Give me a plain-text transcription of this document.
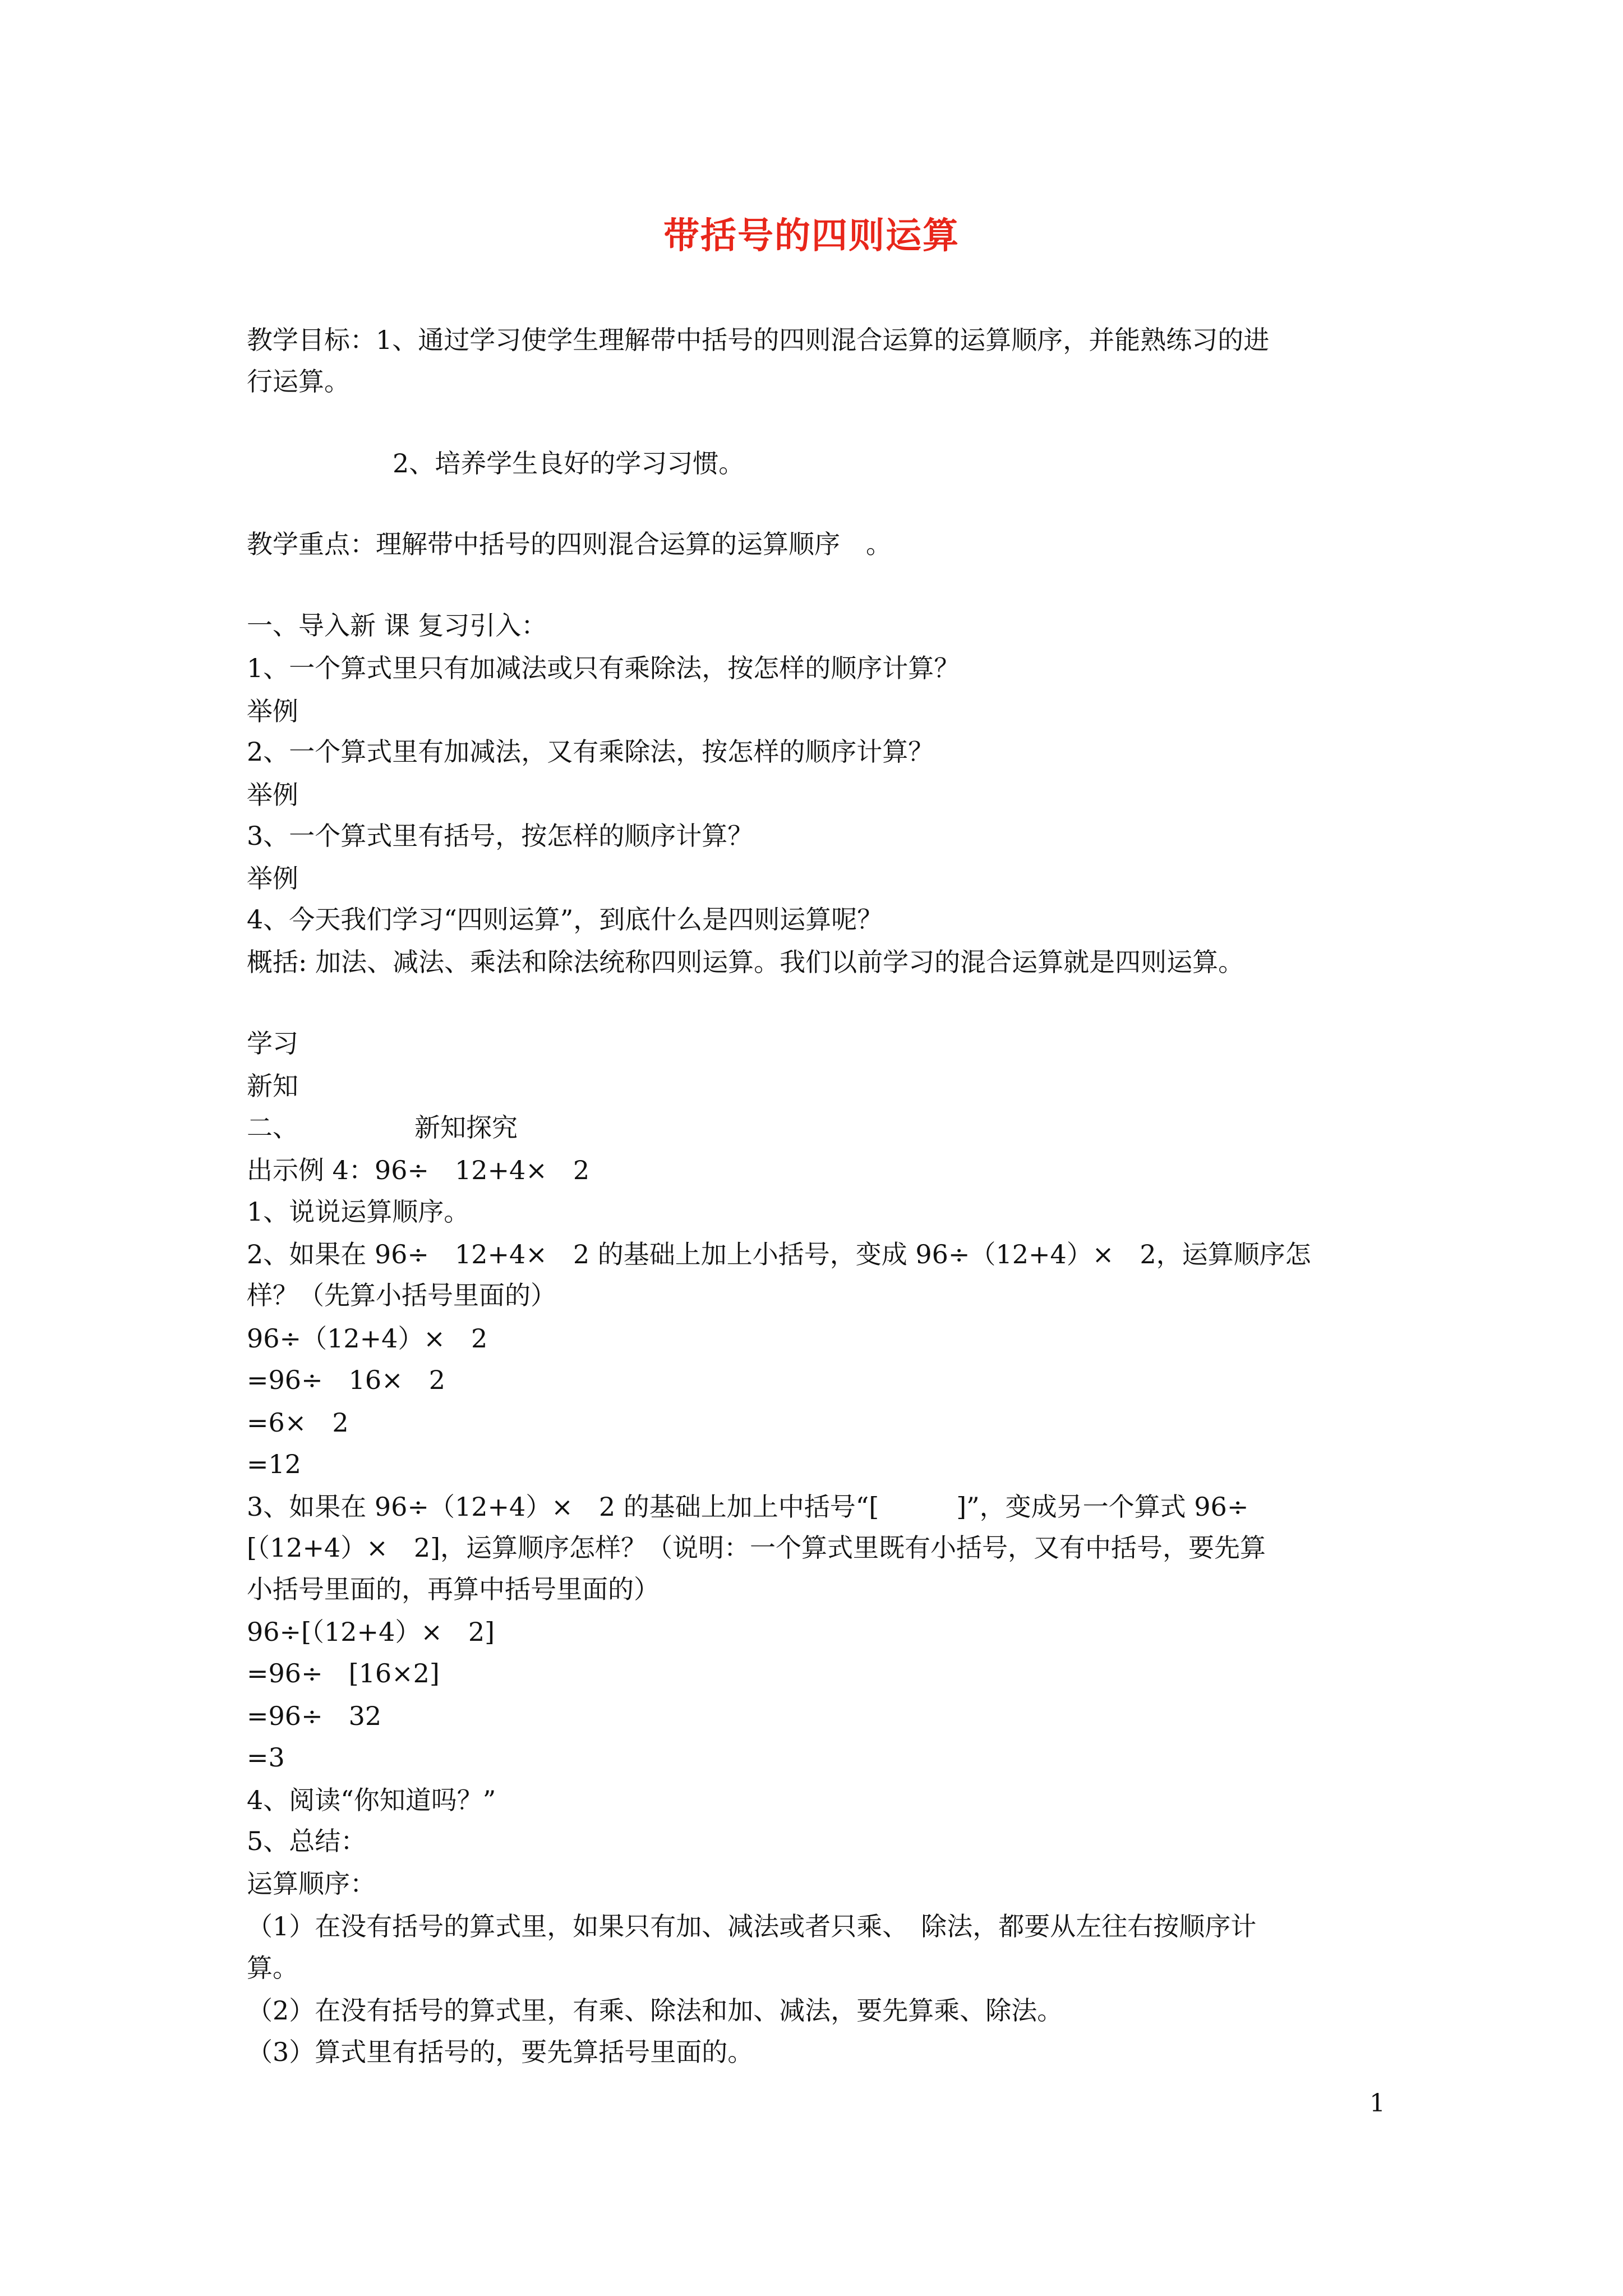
带括号的四则运算
教学目标：1、通过学习使学生理解带中括号的四则混合运算的运算顺序，并能熟练习的进
行运算。
2、培养学生良好的学习习惯。
教学重点：理解带中括号的四则混合运算的运算顺序　。
一、导入新 课 复习引入：
1、一个算式里只有加减法或只有乘除法，按怎样的顺序计算？
举例
2、一个算式里有加减法，又有乘除法，按怎样的顺序计算？
举例
3、一个算式里有括号，按怎样的顺序计算？
举例
4、今天我们学习“四则运算”，到底什么是四则运算呢？
概括: 加法、减法、乘法和除法统称四则运算。我们以前学习的混合运算就是四则运算。
学习
新知
二、　　　　　新知探究
出示例 4：96÷　12+4×　2
1、说说运算顺序。
2、如果在 96÷　12+4×　2 的基础上加上小括号，变成 96÷（12+4）×　2，运算顺序怎
样？（先算小括号里面的）
96÷（12+4）×　2
=96÷　16×　2
=6×　2
=12
3、如果在 96÷（12+4）×　2 的基础上加上中括号“[　　　]”，变成另一个算式 96÷
[（12+4）×　2]，运算顺序怎样？（说明：一个算式里既有小括号，又有中括号，要先算
小括号里面的，再算中括号里面的）
96÷[（12+4）×　2]
=96÷　[16×2]
=96÷　32
=3
4、阅读“你知道吗？”
5、总结：
运算顺序：
（1）在没有括号的算式里，如果只有加、减法或者只乘、　除法，都要从左往右按顺序计
算。
（2）在没有括号的算式里，有乘、除法和加、减法，要先算乘、除法。
（3）算式里有括号的，要先算括号里面的。
1
